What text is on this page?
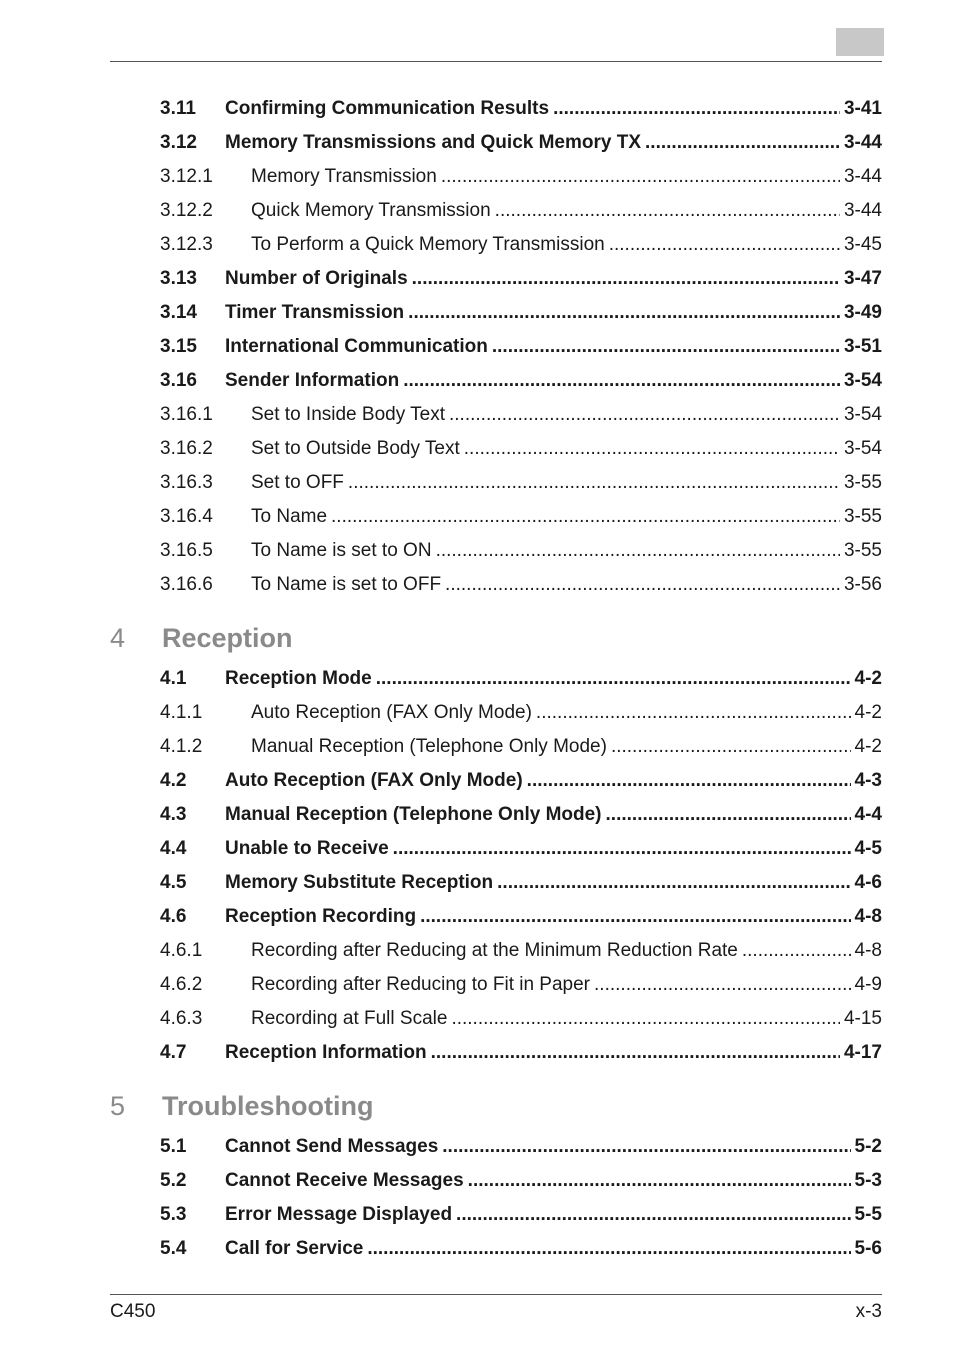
3.11	Confirming Communication Results .....	3-41
3.12	Memory Transmissions and Quick Memory TX .....	3-44
3.12.1	Memory Transmission .....	3-44
3.12.2	Quick Memory Transmission .....	3-44
3.12.3	To Perform a Quick Memory Transmission .....	3-45
3.13	Number of Originals .....	3-47
3.14	Timer Transmission .....	3-49
3.15	International Communication .....	3-51
3.16	Sender Information .....	3-54
3.16.1	Set to Inside Body Text .....	3-54
3.16.2	Set to Outside Body Text .....	3-54
3.16.3	Set to OFF .....	3-55
3.16.4	To Name .....	3-55
3.16.5	To Name is set to ON .....	3-55
3.16.6	To Name is set to OFF .....	3-56
4	Reception
4.1	Reception Mode .....	4-2
4.1.1	Auto Reception (FAX Only Mode) .....	4-2
4.1.2	Manual Reception (Telephone Only Mode) .....	4-2
4.2	Auto Reception (FAX Only Mode) .....	4-3
4.3	Manual Reception (Telephone Only Mode) .....	4-4
4.4	Unable to Receive .....	4-5
4.5	Memory Substitute Reception .....	4-6
4.6	Reception Recording .....	4-8
4.6.1	Recording after Reducing at the Minimum Reduction Rate .....	4-8
4.6.2	Recording after Reducing to Fit in Paper .....	4-9
4.6.3	Recording at Full Scale .....	4-15
4.7	Reception Information .....	4-17
5	Troubleshooting
5.1	Cannot Send Messages .....	5-2
5.2	Cannot Receive Messages .....	5-3
5.3	Error Message Displayed .....	5-5
5.4	Call for Service .....	5-6
C450	x-3
